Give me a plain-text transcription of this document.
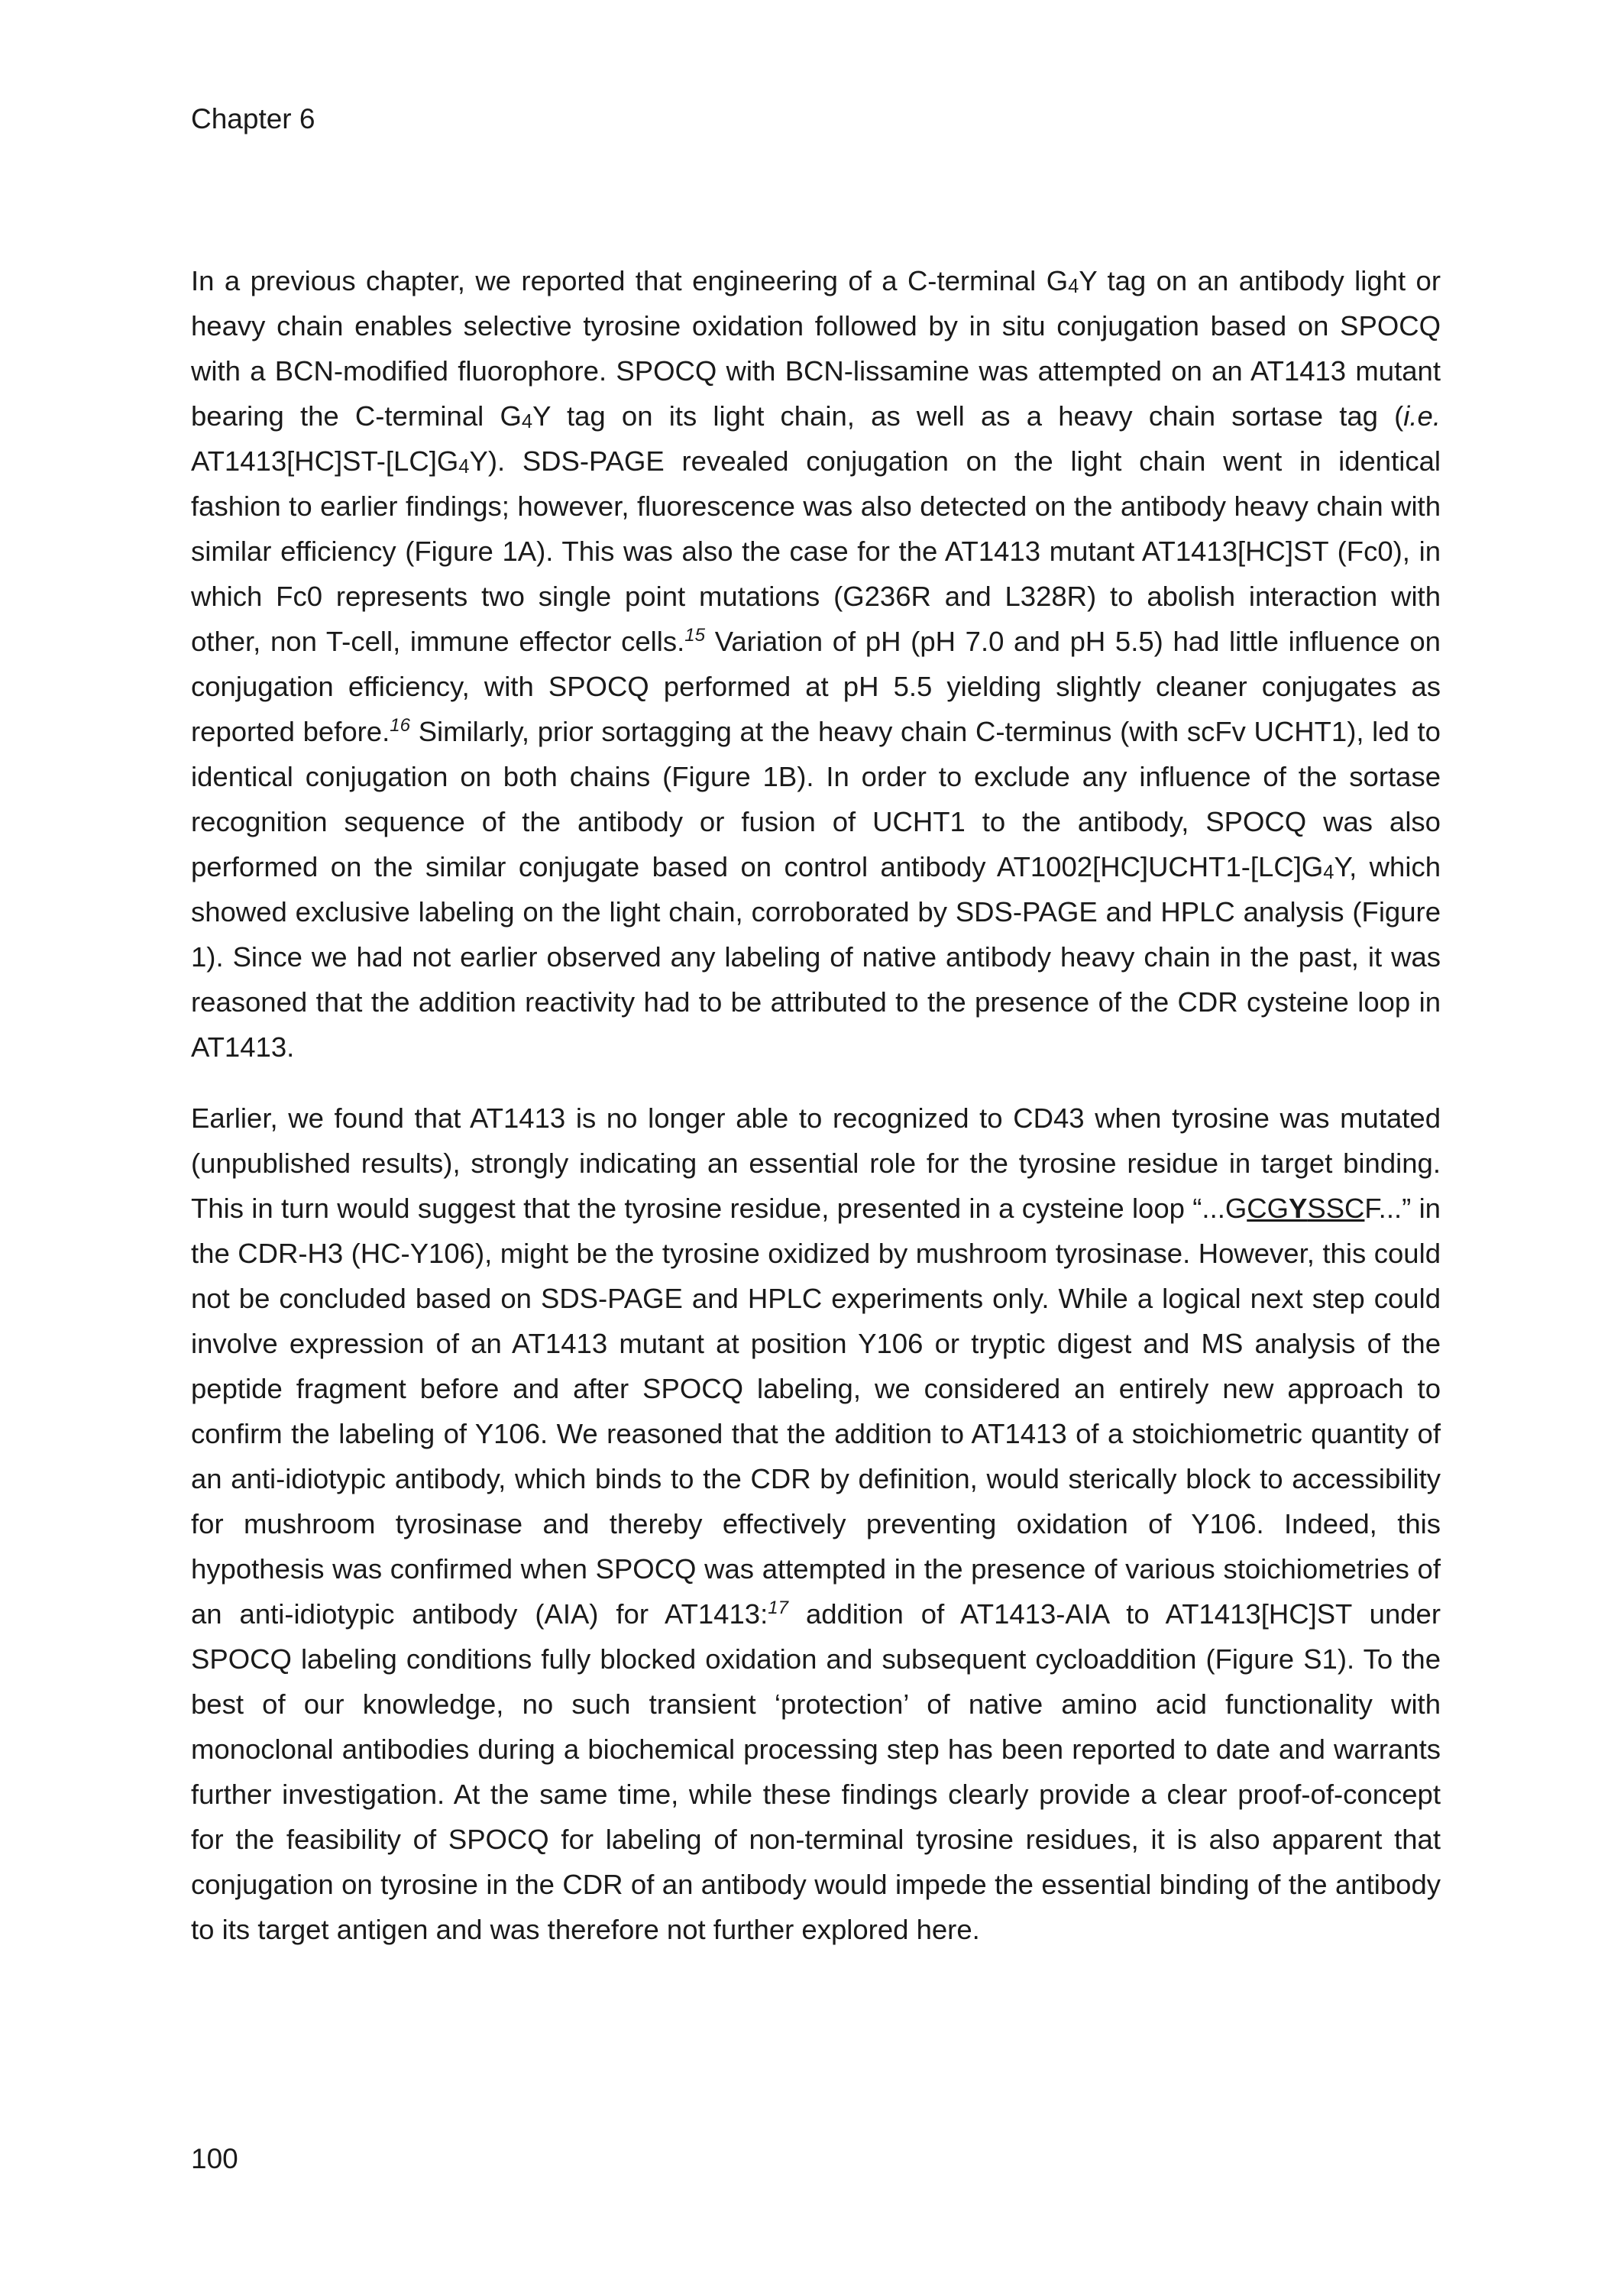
Chapter 6

In a previous chapter, we reported that engineering of a C-terminal $G_4Y$ tag on an antibody light or heavy chain enables selective tyrosine oxidation followed by in situ conjugation based on SPOCQ with a BCN-modified fluorophore. SPOCQ with BCN-lissamine was attempted on an AT1413 mutant bearing the C-terminal $G_4Y$ tag on its light chain, as well as a heavy chain sortase tag (i.e. $AT1413[HC]ST-[LC]G_4Y$). SDS-PAGE revealed conjugation on the light chain went in identical fashion to earlier findings; however, fluorescence was also detected on the antibody heavy chain with similar efficiency (Figure 1A). This was also the case for the AT1413 mutant AT1413[HC]ST (Fc0), in which Fc0 represents two single point mutations (G236R and L328R) to abolish interaction with other, non T-cell, immune effector cells.$^{15}$ Variation of pH (pH 7.0 and pH 5.5) had little influence on conjugation efficiency, with SPOCQ performed at pH 5.5 yielding slightly cleaner conjugates as reported before.$^{16}$ Similarly, prior sortagging at the heavy chain C-terminus (with scFv UCHT1), led to identical conjugation on both chains (Figure 1B). In order to exclude any influence of the sortase recognition sequence of the antibody or fusion of UCHT1 to the antibody, SPOCQ was also performed on the similar conjugate based on control antibody $AT1002[HC]UCHT1-[LC]G_4Y$, which showed exclusive labeling on the light chain, corroborated by SDS-PAGE and HPLC analysis (Figure 1). Since we had not earlier observed any labeling of native antibody heavy chain in the past, it was reasoned that the addition reactivity had to be attributed to the presence of the CDR cysteine loop in AT1413.

Earlier, we found that AT1413 is no longer able to recognized to CD43 when tyrosine was mutated (unpublished results), strongly indicating an essential role for the tyrosine residue in target binding. This in turn would suggest that the tyrosine residue, presented in a cysteine loop “...GCGYSSCF...” in the CDR-H3 (HC-Y106), might be the tyrosine oxidized by mushroom tyrosinase. However, this could not be concluded based on SDS-PAGE and HPLC experiments only. While a logical next step could involve expression of an AT1413 mutant at position Y106 or tryptic digest and MS analysis of the peptide fragment before and after SPOCQ labeling, we considered an entirely new approach to confirm the labeling of Y106. We reasoned that the addition to AT1413 of a stoichiometric quantity of an anti-idiotypic antibody, which binds to the CDR by definition, would sterically block to accessibility for mushroom tyrosinase and thereby effectively preventing oxidation of Y106. Indeed, this hypothesis was confirmed when SPOCQ was attempted in the presence of various stoichiometries of an anti-idiotypic antibody (AIA) for AT1413:$^{17}$ addition of AT1413-AIA to AT1413[HC]ST under SPOCQ labeling conditions fully blocked oxidation and subsequent cycloaddition (Figure S1). To the best of our knowledge, no such transient ‘protection’ of native amino acid functionality with monoclonal antibodies during a biochemical processing step has been reported to date and warrants further investigation. At the same time, while these findings clearly provide a clear proof-of-concept for the feasibility of SPOCQ for labeling of non-terminal tyrosine residues, it is also apparent that conjugation on tyrosine in the CDR of an antibody would impede the essential binding of the antibody to its target antigen and was therefore not further explored here.

100
